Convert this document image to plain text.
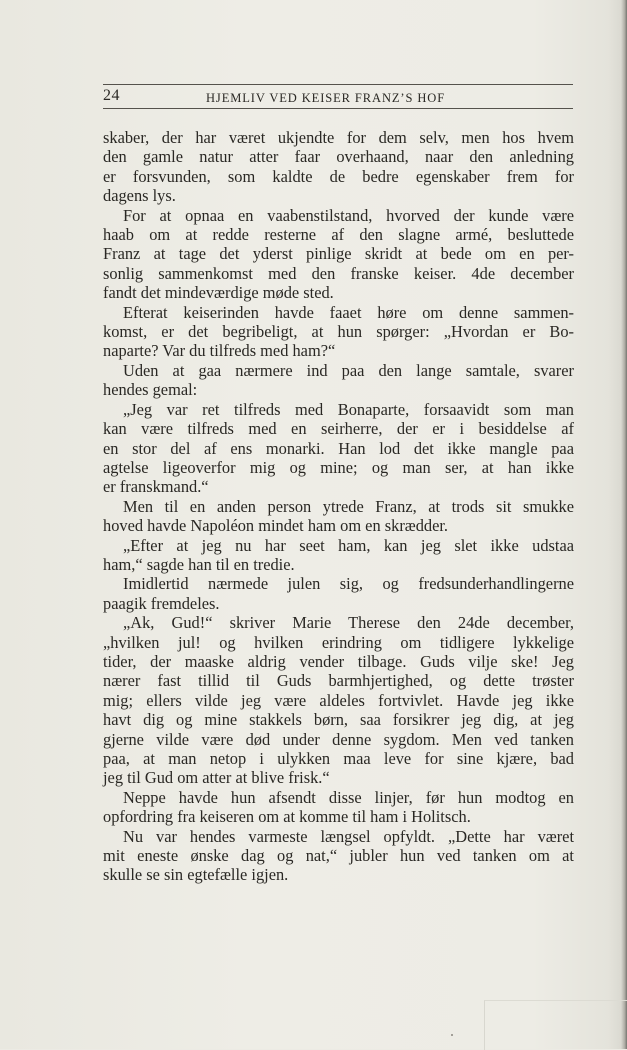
24	HJEMLIV VED KEISER FRANZ’S HOF

skaber, der har været ukjendte for dem selv, men hos hvem

den gamle natur atter faar overhaand, naar den anledning

er forsvunden, som kaldte de bedre egenskaber frem for

dagens lys.

For at opnaa en vaabenstilstand, hvorved der kunde være

haab om at redde resterne af den slagne armé, besluttede

Franz at tage det yderst pinlige skridt at bede om en per-

sonlig sammenkomst med den franske keiser. 4de december

fandt det mindeværdige møde sted.

Efterat keiserinden havde faaet høre om denne sammen-

komst, er det begribeligt, at hun spørger: „Hvordan er Bo-

naparte? Var du tilfreds med ham?“

Uden at gaa nærmere ind paa den lange samtale, svarer

hendes gemal:

„Jeg var ret tilfreds med Bonaparte, forsaavidt som man

kan være tilfreds med en seirherre, der er i besiddelse af

en stor del af ens monarki. Han lod det ikke mangle paa

agtelse ligeoverfor mig og mine; og man ser, at han ikke

er franskmand.“

Men til en anden person ytrede Franz, at trods sit smukke

hoved havde Napoléon mindet ham om en skrædder.

„Efter at jeg nu har seet ham, kan jeg slet ikke udstaa

ham,“ sagde han til en tredie.

Imidlertid nærmede julen sig, og fredsunderhandlingerne

paagik fremdeles.

„Ak, Gud!“ skriver Marie Therese den 24de december,

„hvilken jul! og hvilken erindring om tidligere lykkelige

tider, der maaske aldrig vender tilbage. Guds vilje ske! Jeg

nærer fast tillid til Guds barmhjertighed, og dette trøster

mig; ellers vilde jeg være aldeles fortvivlet. Havde jeg ikke

havt dig og mine stakkels børn, saa forsikrer jeg dig, at jeg

gjerne vilde være død under denne sygdom. Men ved tanken

paa, at man netop i ulykken maa leve for sine kjære, bad

jeg til Gud om atter at blive frisk.“

Neppe havde hun afsendt disse linjer, før hun modtog en

opfordring fra keiseren om at komme til ham i Holitsch.

Nu var hendes varmeste længsel opfyldt. „Dette har været

mit eneste ønske dag og nat,“ jubler hun ved tanken om at

skulle se sin egtefælle igjen.
